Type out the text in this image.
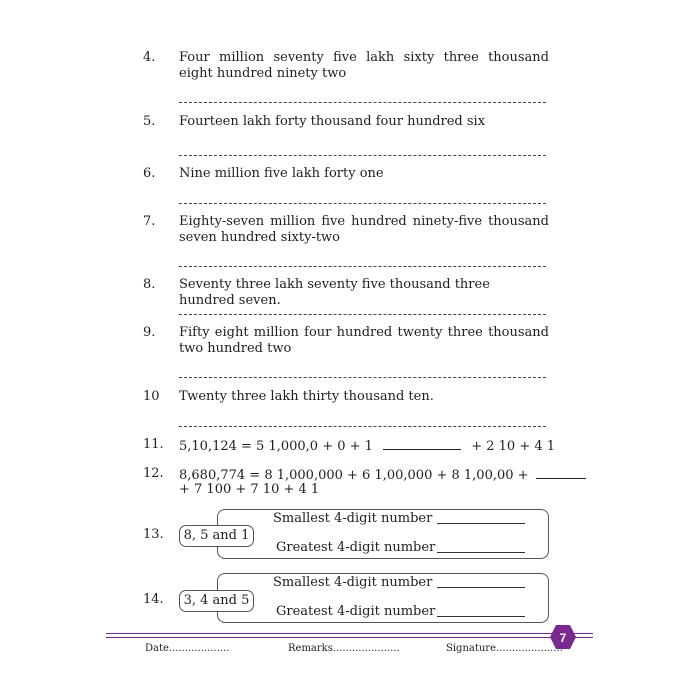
4. Four million seventy five lakh sixty three thousand eight hundred ninety two
5. Fourteen lakh forty thousand four hundred six
6. Nine million five lakh forty one
7. Eighty-seven million five hundred ninety-five thousand seven hundred sixty-two
8. Seventy three lakh seventy five thousand three hundred seven.
9. Fifty eight million four hundred twenty three thousand two hundred two
10 Twenty three lakh thirty thousand ten.
11. 5,10,124 = 5 1,000,0 + 0 + 1	+ 2 10 + 4 1
12. 8,680,774 = 8 1,000,000 + 6 1,00,000 + 8 1,00,00 +
+ 7 100 + 7 10 + 4 1
13.	8, 5 and 1
Smallest 4-digit number
Greatest 4-digit number
14.	3, 4 and 5
Smallest 4-digit number
Greatest 4-digit number
7
Date...................	Remarks.....................	Signature.....................
